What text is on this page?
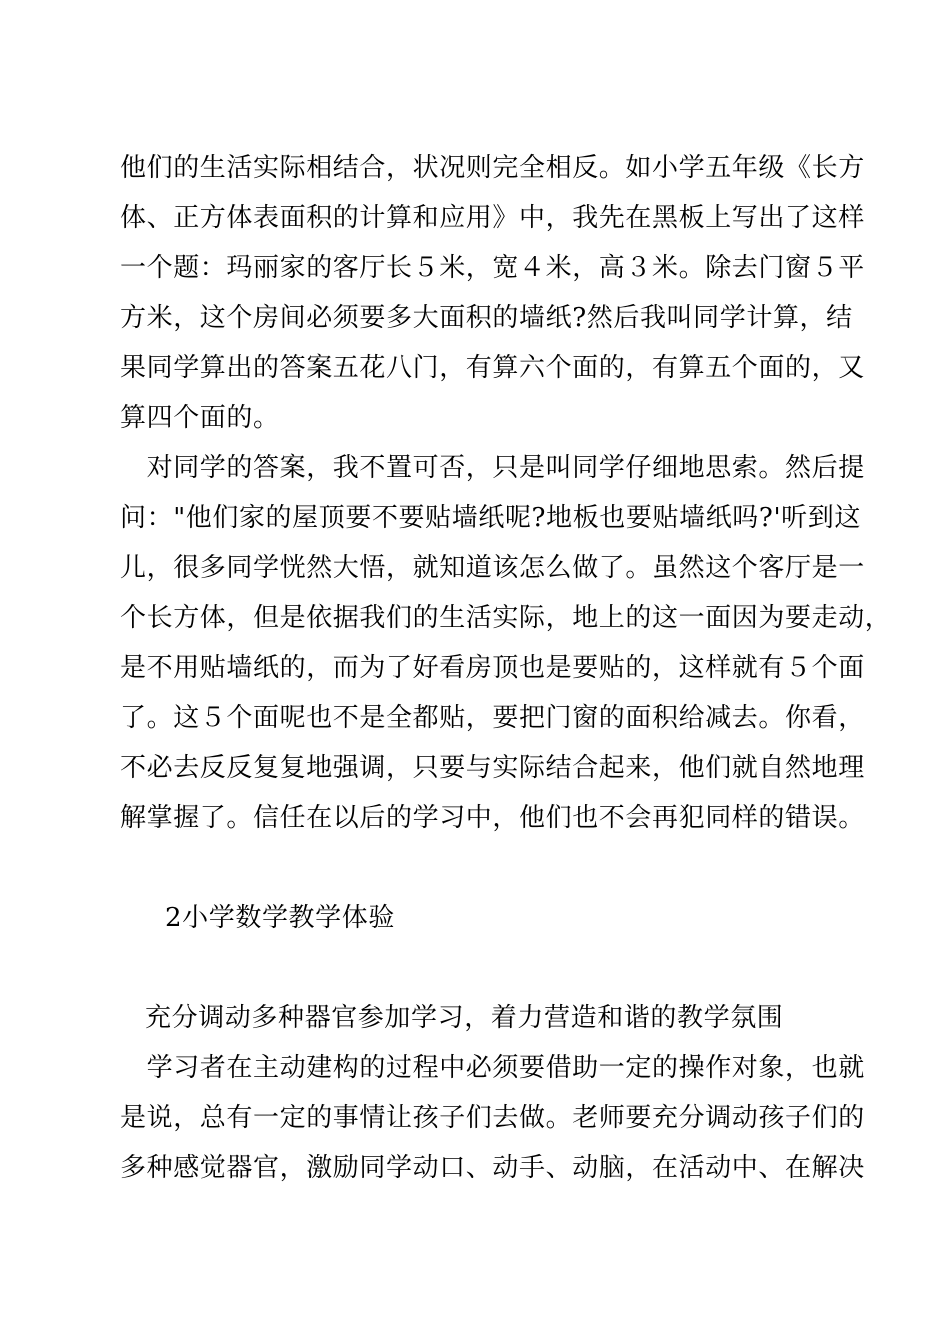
他们的生活实际相结合，状况则完全相反。如小学五年级《长方
体、正方体表面积的计算和应用》中，我先在黑板上写出了这样
一个题：玛丽家的客厅长５米，宽４米，高３米。除去门窗５平
方米，这个房间必须要多大面积的墙纸?然后我叫同学计算，结
果同学算出的答案五花八门，有算六个面的，有算五个面的，又
算四个面的。
　对同学的答案，我不置可否，只是叫同学仔细地思索。然后提
问："他们家的屋顶要不要贴墙纸呢?地板也要贴墙纸吗?'听到这
儿，很多同学恍然大悟，就知道该怎么做了。虽然这个客厅是一
个长方体，但是依据我们的生活实际，地上的这一面因为要走动，
是不用贴墙纸的，而为了好看房顶也是要贴的，这样就有５个面
了。这５个面呢也不是全都贴，要把门窗的面积给减去。你看，
不必去反反复复地强调，只要与实际结合起来，他们就自然地理
解掌握了。信任在以后的学习中，他们也不会再犯同样的错误。
2小学数学教学体验
充分调动多种器官参加学习，着力营造和谐的教学氛围
　学习者在主动建构的过程中必须要借助一定的操作对象，也就
是说，总有一定的事情让孩子们去做。老师要充分调动孩子们的
多种感觉器官，激励同学动口、动手、动脑，在活动中、在解决
